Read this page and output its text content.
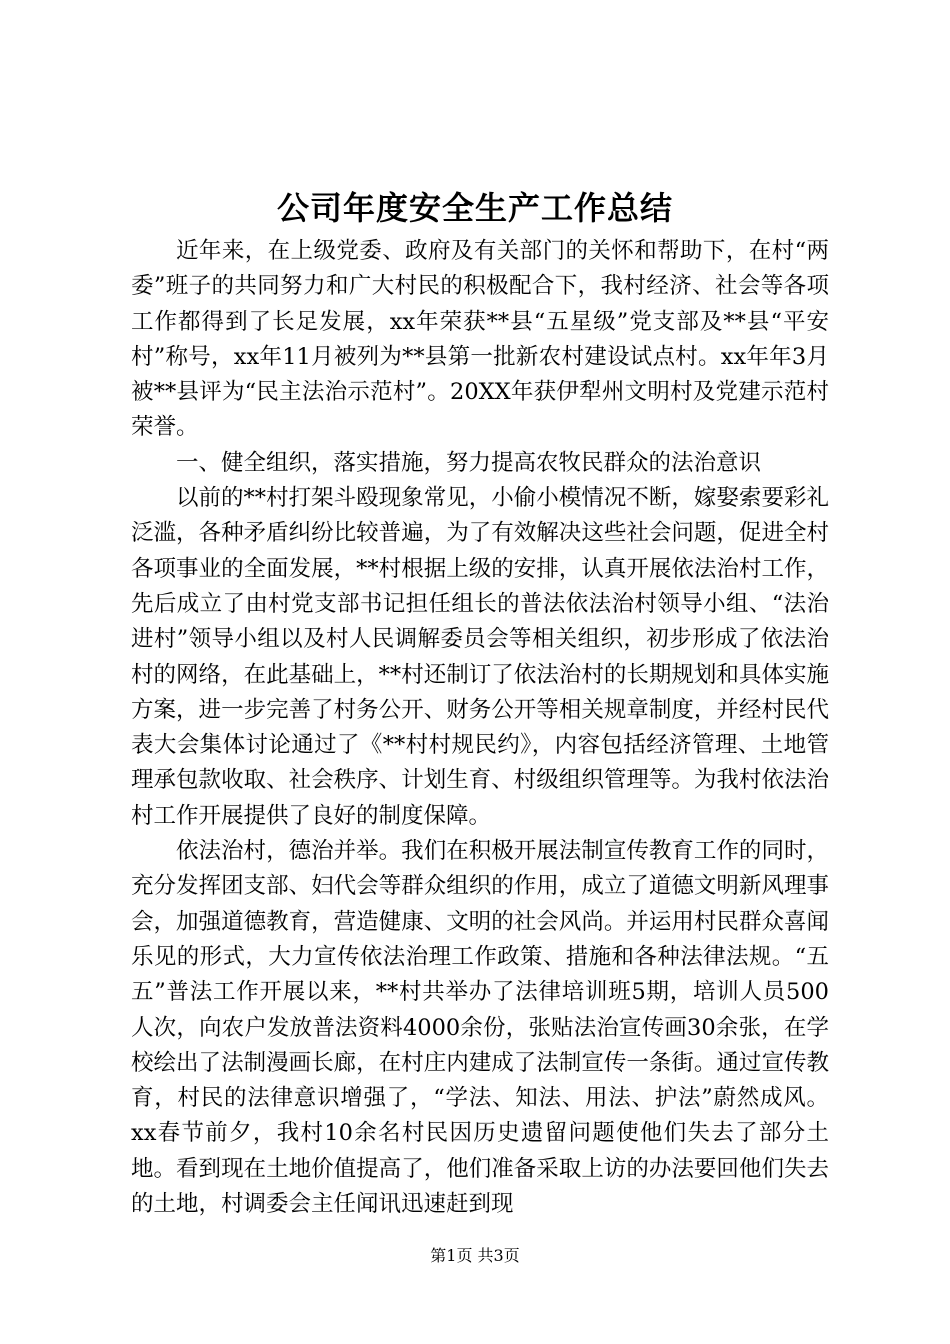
公司年度安全生产工作总结

近年来，在上级党委、政府及有关部门的关怀和帮助下，在村“两委”班子的共同努力和广大村民的积极配合下，我村经济、社会等各项工作都得到了长足发展，xx年荣获**县“五星级”党支部及**县“平安村”称号，xx年11月被列为**县第一批新农村建设试点村。xx年年3月被**县评为“民主法治示范村”。20XX年获伊犁州文明村及党建示范村荣誉。

一、健全组织，落实措施，努力提高农牧民群众的法治意识

以前的**村打架斗殴现象常见，小偷小模情况不断，嫁娶索要彩礼泛滥，各种矛盾纠纷比较普遍，为了有效解决这些社会问题，促进全村各项事业的全面发展，**村根据上级的安排，认真开展依法治村工作，先后成立了由村党支部书记担任组长的普法依法治村领导小组、“法治进村”领导小组以及村人民调解委员会等相关组织，初步形成了依法治村的网络，在此基础上，**村还制订了依法治村的长期规划和具体实施方案，进一步完善了村务公开、财务公开等相关规章制度，并经村民代表大会集体讨论通过了《**村村规民约》，内容包括经济管理、土地管理承包款收取、社会秩序、计划生育、村级组织管理等。为我村依法治村工作开展提供了良好的制度保障。

依法治村，德治并举。我们在积极开展法制宣传教育工作的同时，充分发挥团支部、妇代会等群众组织的作用，成立了道德文明新风理事会，加强道德教育，营造健康、文明的社会风尚。并运用村民群众喜闻乐见的形式，大力宣传依法治理工作政策、措施和各种法律法规。“五五”普法工作开展以来，**村共举办了法律培训班5期，培训人员500人次，向农户发放普法资料4000余份，张贴法治宣传画30余张，在学校绘出了法制漫画长廊，在村庄内建成了法制宣传一条街。通过宣传教育，村民的法律意识增强了，“学法、知法、用法、护法”蔚然成风。xx春节前夕，我村10余名村民因历史遗留问题使他们失去了部分土地。看到现在土地价值提高了，他们准备采取上访的办法要回他们失去的土地，村调委会主任闻讯迅速赶到现

第1页 共3页
